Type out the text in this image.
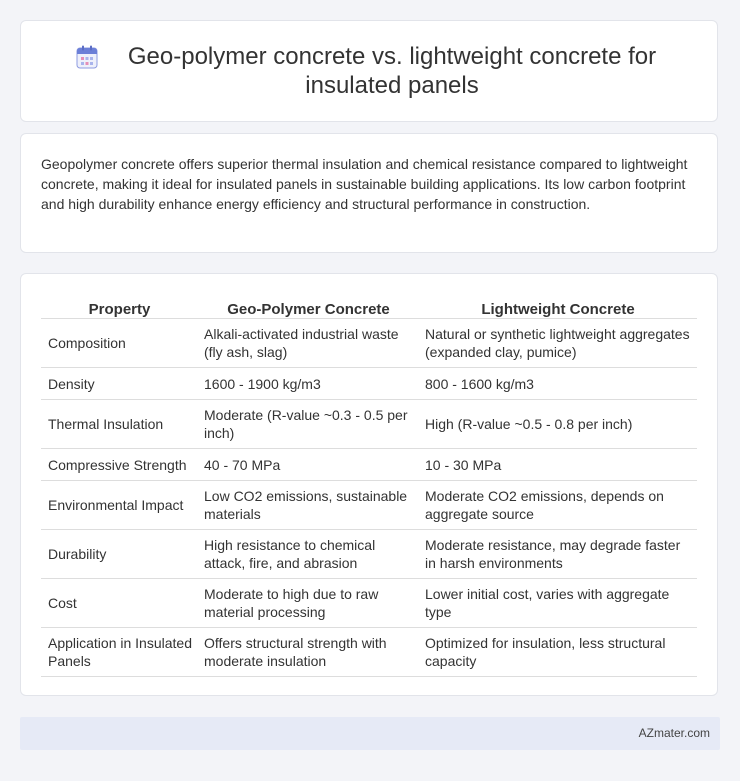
Geo-polymer concrete vs. lightweight concrete for insulated panels

Geopolymer concrete offers superior thermal insulation and chemical resistance compared to lightweight concrete, making it ideal for insulated panels in sustainable building applications. Its low carbon footprint and high durability enhance energy efficiency and structural performance in construction.

Property	Geo-Polymer Concrete	Lightweight Concrete
Composition	Alkali-activated industrial waste (fly ash, slag)	Natural or synthetic lightweight aggregates (expanded clay, pumice)
Density	1600 - 1900 kg/m3	800 - 1600 kg/m3
Thermal Insulation	Moderate (R-value ~0.3 - 0.5 per inch)	High (R-value ~0.5 - 0.8 per inch)
Compressive Strength	40 - 70 MPa	10 - 30 MPa
Environmental Impact	Low CO2 emissions, sustainable materials	Moderate CO2 emissions, depends on aggregate source
Durability	High resistance to chemical attack, fire, and abrasion	Moderate resistance, may degrade faster in harsh environments
Cost	Moderate to high due to raw material processing	Lower initial cost, varies with aggregate type
Application in Insulated Panels	Offers structural strength with moderate insulation	Optimized for insulation, less structural capacity
AZmater.com
